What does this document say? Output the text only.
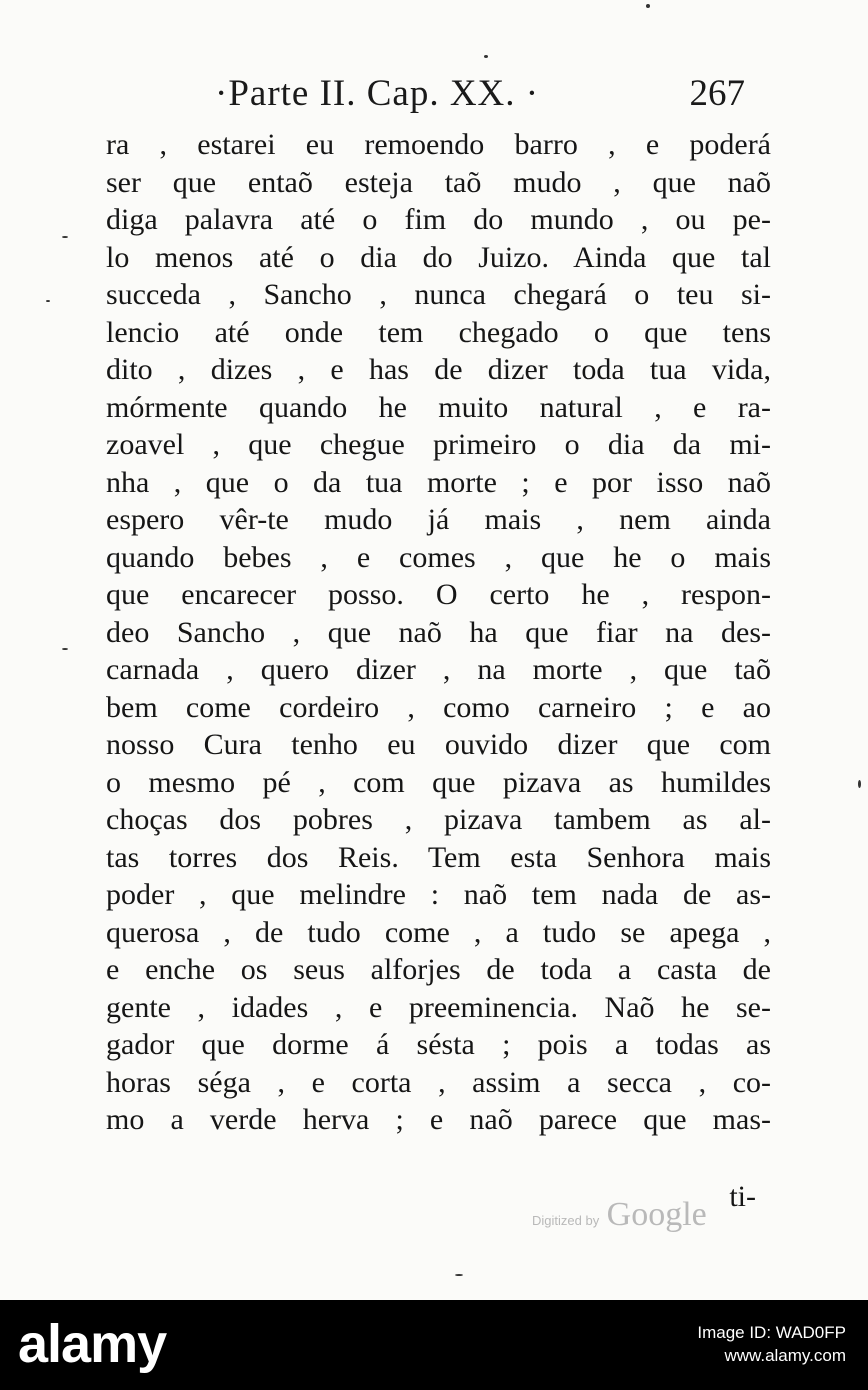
·Parte II. Cap. XX. ·	267
ra , estarei eu remoendo barro , e poderá
ser que entaõ esteja taõ mudo , que naõ
diga palavra até o fim do mundo , ou pe-
lo menos até o dia do Juizo. Ainda que tal
succeda , Sancho , nunca chegará o teu si-
lencio até onde tem chegado o que tens
dito , dizes , e has de dizer toda tua vida,
mórmente quando he muito natural , e ra-
zoavel , que chegue primeiro o dia da mi-
nha , que o da tua morte ; e por isso naõ
espero vêr-te mudo já mais , nem ainda
quando bebes , e comes , que he o mais
que encarecer posso. O certo he , respon-
deo Sancho , que naõ ha que fiar na des-
carnada , quero dizer , na morte , que taõ
bem come cordeiro , como carneiro ; e ao
nosso Cura tenho eu ouvido dizer que com
o mesmo pé , com que pizava as humildes
choças dos pobres , pizava tambem as al-
tas torres dos Reis. Tem esta Senhora mais
poder , que melindre : naõ tem nada de as-
querosa , de tudo come , a tudo se apega ,
e enche os seus alforjes de toda a casta de
gente , idades , e preeminencia. Naõ he se-
gador que dorme á sésta ; pois a todas as
horas séga , e corta , assim a secca , co-
mo a verde herva ; e naõ parece que mas-
ti-
Digitized by Google
alamy	Image ID: WAD0FP
www.alamy.com
